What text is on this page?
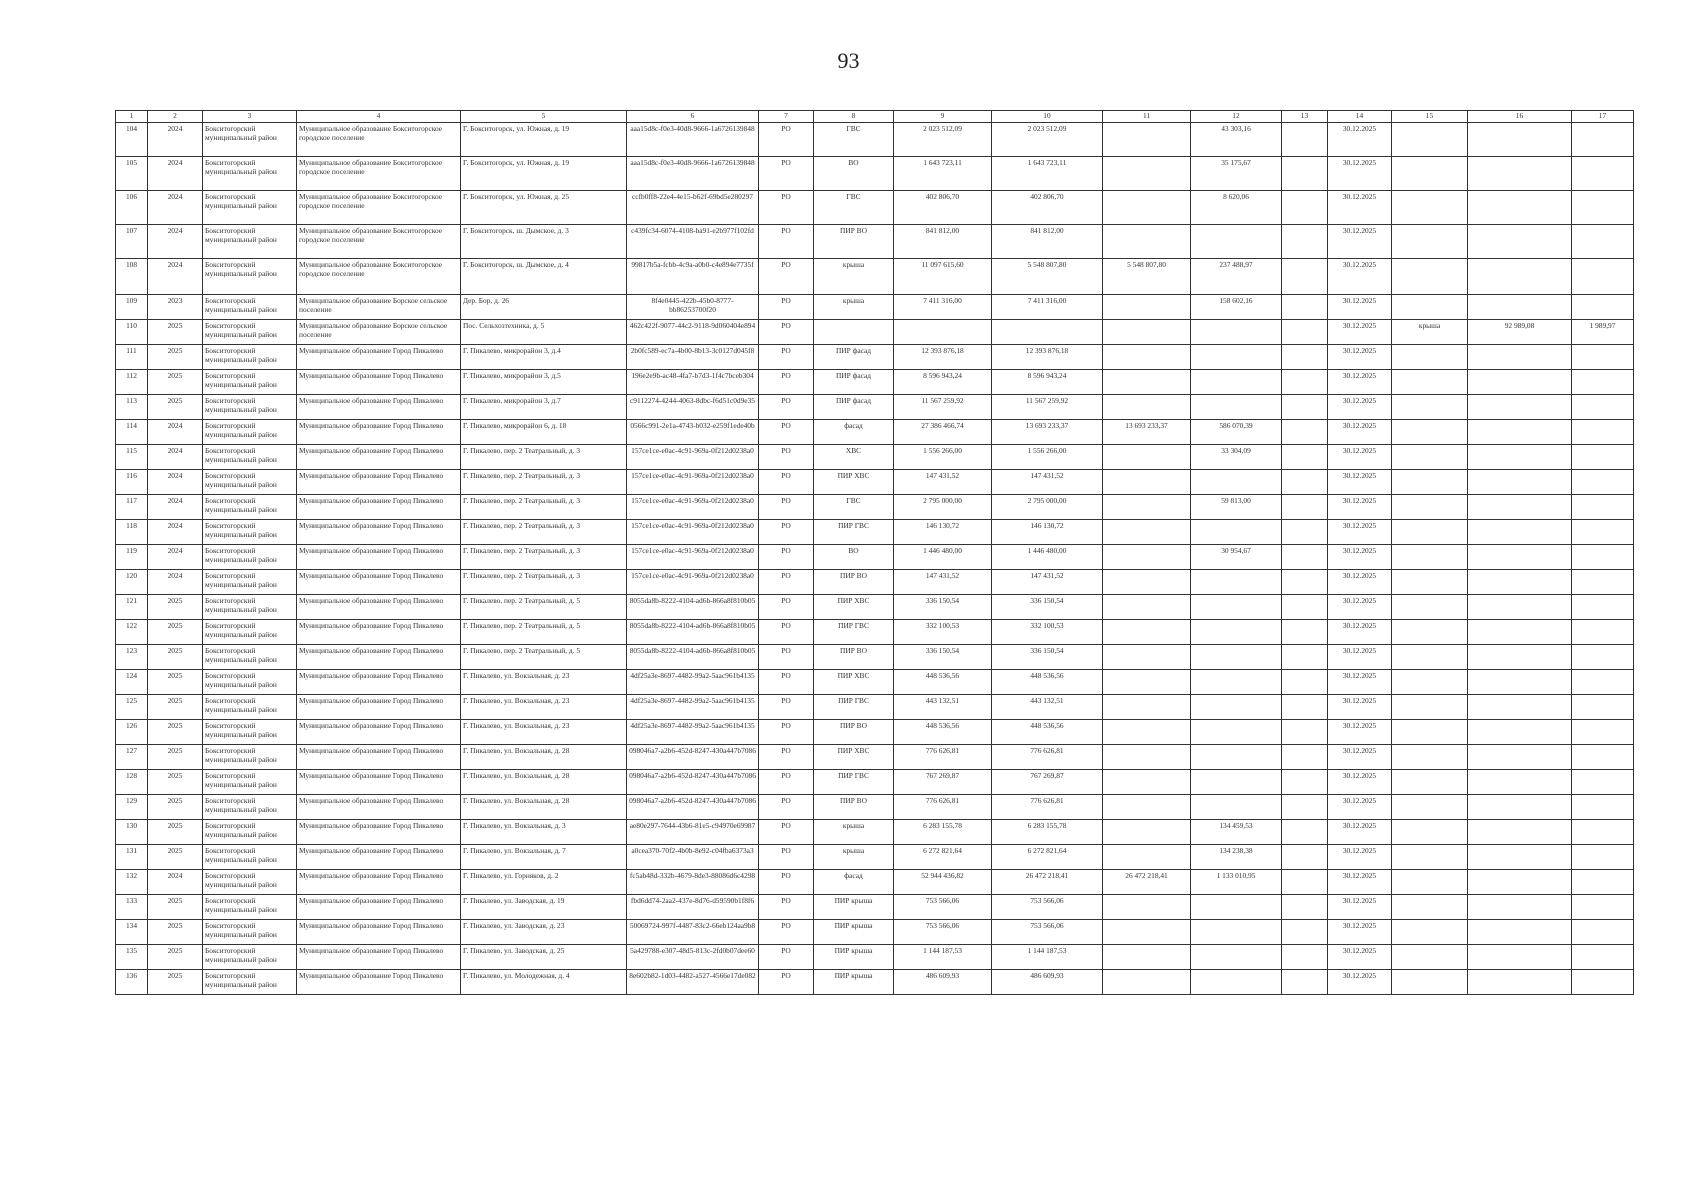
93
1	2	3	4	5	6	7	8	9	10	11	12	13	14	15	16	17
104	2024	Бокситогорский муниципальный район	Муниципальное образование Бокситогорское городское поселение	Г. Бокситогорск, ул. Южная, д. 19	aaa15d8c-f0e3-40d8-9666-1a6726139848	РО	ГВС	2 023 512,09	2 023 512,09		43 303,16		30.12.2025			
105	2024	Бокситогорский муниципальный район	Муниципальное образование Бокситогорское городское поселение	Г. Бокситогорск, ул. Южная, д. 19	aaa15d8c-f0e3-40d8-9666-1a6726139848	РО	ВО	1 643 723,11	1 643 723,11		35 175,67		30.12.2025			
106	2024	Бокситогорский муниципальный район	Муниципальное образование Бокситогорское городское поселение	Г. Бокситогорск, ул. Южная, д. 25	ccfb0ff8-22e4-4e15-b62f-69bd5e280297	РО	ГВС	402 806,70	402 806,70		8 620,06		30.12.2025			
107	2024	Бокситогорский муниципальный район	Муниципальное образование Бокситогорское городское поселение	Г. Бокситогорск, ш. Дымское, д. 3	c439fc34-6074-4108-ba91-e2b977f102fd	РО	ПИР ВО	841 812,00	841 812,00				30.12.2025			
108	2024	Бокситогорский муниципальный район	Муниципальное образование Бокситогорское городское поселение	Г. Бокситогорск, ш. Дымское, д. 4	99817b5a-fcbb-4c9a-a0b0-c4e894e7735f	РО	крыша	11 097 615,60	5 548 807,80	5 548 807,80	237 488,97		30.12.2025			
109	2023	Бокситогорский муниципальный район	Муниципальное образование Борское сельское поселение	Дер. Бор, д. 26	8f4e0445-422b-45b0-8777-bb86253700f20	РО	крыша	7 411 316,00	7 411 316,00		158 602,16		30.12.2025			
110	2025	Бокситогорский муниципальный район	Муниципальное образование Борское сельское поселение	Пос. Сельхозтехника, д. 5	462c422f-9077-44c2-9118-9d060404e894	РО							30.12.2025	крыша	92 989,08	1 989,97
111	2025	Бокситогорский муниципальный район	Муниципальное образование Город Пикалево	Г. Пикалево, микрорайон 3, д.4	2b0fc589-ec7a-4b00-8b13-3c0127d045f8	РО	ПИР фасад	12 393 876,18	12 393 876,18				30.12.2025			
112	2025	Бокситогорский муниципальный район	Муниципальное образование Город Пикалево	Г. Пикалево, микрорайон 3, д.5	196e2e9b-ac48-4fa7-b7d3-1f4c7bceb304	РО	ПИР фасад	8 596 943,24	8 596 943,24				30.12.2025			
113	2025	Бокситогорский муниципальный район	Муниципальное образование Город Пикалево	Г. Пикалево, микрорайон 3, д.7	c9112274-4244-4063-8dbc-f6d51c0d9e35	РО	ПИР фасад	11 567 259,92	11 567 259,92				30.12.2025			
114	2024	Бокситогорский муниципальный район	Муниципальное образование Город Пикалево	Г. Пикалево, микрорайон 6, д. 18	0566c991-2e1a-4743-b032-e259f1ede40b	РО	фасад	27 386 466,74	13 693 233,37	13 693 233,37	586 070,39		30.12.2025			
115	2024	Бокситогорский муниципальный район	Муниципальное образование Город Пикалево	Г. Пикалево, пер. 2 Театральный, д. 3	157ce1ce-e0ac-4c91-969a-0f212d0238a0	РО	ХВС	1 556 266,00	1 556 266,00		33 304,09		30.12.2025			
116	2024	Бокситогорский муниципальный район	Муниципальное образование Город Пикалево	Г. Пикалево, пер. 2 Театральный, д. 3	157ce1ce-e0ac-4c91-969a-0f212d0238a0	РО	ПИР ХВС	147 431,52	147 431,52				30.12.2025			
117	2024	Бокситогорский муниципальный район	Муниципальное образование Город Пикалево	Г. Пикалево, пер. 2 Театральный, д. 3	157ce1ce-e0ac-4c91-969a-0f212d0238a0	РО	ГВС	2 795 000,00	2 795 000,00		59 813,00		30.12.2025			
118	2024	Бокситогорский муниципальный район	Муниципальное образование Город Пикалево	Г. Пикалево, пер. 2 Театральный, д. 3	157ce1ce-e0ac-4c91-969a-0f212d0238a0	РО	ПИР ГВС	146 130,72	146 130,72				30.12.2025			
119	2024	Бокситогорский муниципальный район	Муниципальное образование Город Пикалево	Г. Пикалево, пер. 2 Театральный, д. 3	157ce1ce-e0ac-4c91-969a-0f212d0238a0	РО	ВО	1 446 480,00	1 446 480,00		30 954,67		30.12.2025			
120	2024	Бокситогорский муниципальный район	Муниципальное образование Город Пикалево	Г. Пикалево, пер. 2 Театральный, д. 3	157ce1ce-e0ac-4c91-969a-0f212d0238a0	РО	ПИР ВО	147 431,52	147 431,52				30.12.2025			
121	2025	Бокситогорский муниципальный район	Муниципальное образование Город Пикалево	Г. Пикалево, пер. 2 Театральный, д. 5	8055da8b-8222-4104-ad6b-866a8f810b05	РО	ПИР ХВС	336 150,54	336 150,54				30.12.2025			
122	2025	Бокситогорский муниципальный район	Муниципальное образование Город Пикалево	Г. Пикалево, пер. 2 Театральный, д. 5	8055da8b-8222-4104-ad6b-866a8f810b05	РО	ПИР ГВС	332 100,53	332 100,53				30.12.2025			
123	2025	Бокситогорский муниципальный район	Муниципальное образование Город Пикалево	Г. Пикалево, пер. 2 Театральный, д. 5	8055da8b-8222-4104-ad6b-866a8f810b05	РО	ПИР ВО	336 150,54	336 150,54				30.12.2025			
124	2025	Бокситогорский муниципальный район	Муниципальное образование Город Пикалево	Г. Пикалево, ул. Вокзальная, д. 23	4df25a3e-8697-4482-99a2-5aac961b4135	РО	ПИР ХВС	448 536,56	448 536,56				30.12.2025			
125	2025	Бокситогорский муниципальный район	Муниципальное образование Город Пикалево	Г. Пикалево, ул. Вокзальная, д. 23	4df25a3e-8697-4482-99a2-5aac961b4135	РО	ПИР ГВС	443 132,51	443 132,51				30.12.2025			
126	2025	Бокситогорский муниципальный район	Муниципальное образование Город Пикалево	Г. Пикалево, ул. Вокзальная, д. 23	4df25a3e-8697-4482-99a2-5aac961b4135	РО	ПИР ВО	448 536,56	448 536,56				30.12.2025			
127	2025	Бокситогорский муниципальный район	Муниципальное образование Город Пикалево	Г. Пикалево, ул. Вокзальная, д. 28	098046a7-a2b6-452d-8247-430a447b7086	РО	ПИР ХВС	776 626,81	776 626,81				30.12.2025			
128	2025	Бокситогорский муниципальный район	Муниципальное образование Город Пикалево	Г. Пикалево, ул. Вокзальная, д. 28	098046a7-a2b6-452d-8247-430a447b7086	РО	ПИР ГВС	767 269,87	767 269,87				30.12.2025			
129	2025	Бокситогорский муниципальный район	Муниципальное образование Город Пикалево	Г. Пикалево, ул. Вокзальная, д. 28	098046a7-a2b6-452d-8247-430a447b7086	РО	ПИР ВО	776 626,81	776 626,81				30.12.2025			
130	2025	Бокситогорский муниципальный район	Муниципальное образование Город Пикалево	Г. Пикалево, ул. Вокзальная, д. 3	ae80e297-7644-43b6-81e5-c94970e69987	РО	крыша	6 283 155,78	6 283 155,78		134 459,53		30.12.2025			
131	2025	Бокситогорский муниципальный район	Муниципальное образование Город Пикалево	Г. Пикалево, ул. Вокзальная, д. 7	a0cea370-70f2-4b0b-8e92-c04fba6373a3	РО	крыша	6 272 821,64	6 272 821,64		134 238,38		30.12.2025			
132	2024	Бокситогорский муниципальный район	Муниципальное образование Город Пикалево	Г. Пикалево, ул. Горняков, д. 2	fc5ab48d-332b-4679-8de3-88086d6c4298	РО	фасад	52 944 436,82	26 472 218,41	26 472 218,41	1 133 010,95		30.12.2025			
133	2025	Бокситогорский муниципальный район	Муниципальное образование Город Пикалево	Г. Пикалево, ул. Заводская, д. 19	fbd6dd74-2aa2-437e-8d76-d59590b1f8f6	РО	ПИР крыша	753 566,06	753 566,06				30.12.2025			
134	2025	Бокситогорский муниципальный район	Муниципальное образование Город Пикалево	Г. Пикалево, ул. Заводская, д. 23	50069724-997f-4487-83c2-66eb124aa9b8	РО	ПИР крыша	753 566,06	753 566,06				30.12.2025			
135	2025	Бокситогорский муниципальный район	Муниципальное образование Город Пикалево	Г. Пикалево, ул. Заводская, д. 25	5a429788-e307-48d5-813c-2fd0b07dee60	РО	ПИР крыша	1 144 187,53	1 144 187,53				30.12.2025			
136	2025	Бокситогорский муниципальный район	Муниципальное образование Город Пикалево	Г. Пикалево, ул. Молодежная, д. 4	8e602b82-1d03-4482-a527-4566e17de082	РО	ПИР крыша	486 609,93	486 609,93				30.12.2025			
